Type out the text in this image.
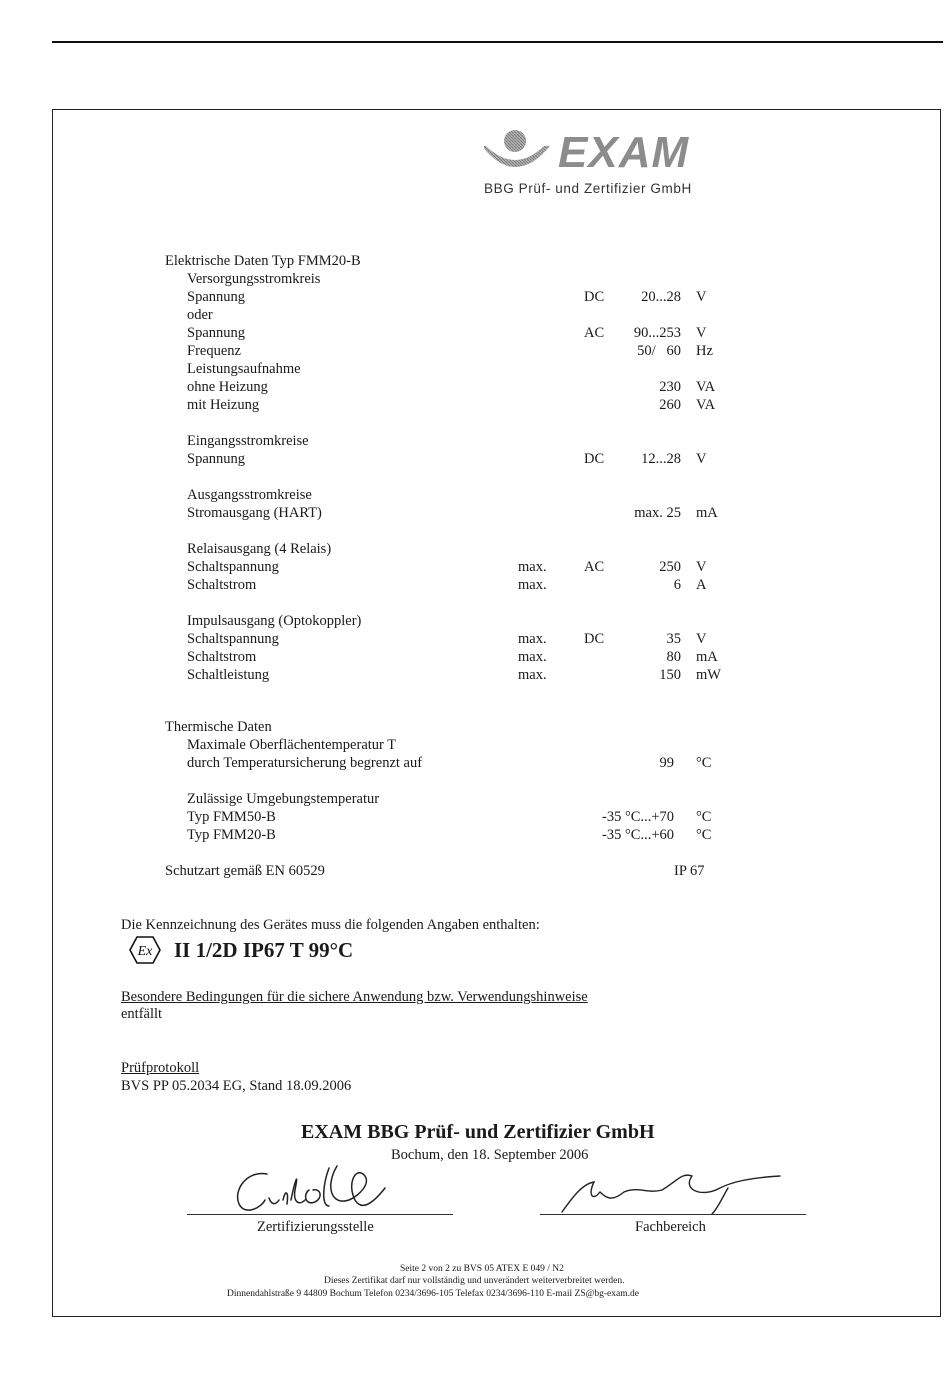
EXAM
BBG Prüf- und Zertifizier GmbH
Elektrische Daten Typ FMM20-B
Versorgungsstromkreis
Spannung	DC	20...28 V
oder
Spannung	AC 90...253 V
Frequenz	50/   60 Hz
Leistungsaufnahme
ohne Heizung	230 VA
mit Heizung	260 VA
Eingangsstromkreise
Spannung	DC	12...28 V
Ausgangsstromkreise
Stromausgang (HART)	max. 25 mA
Relaisausgang (4 Relais)
Schaltspannung	max.	AC	250 V
Schaltstrom	max.	6 A
Impulsausgang (Optokoppler)
Schaltspannung	max.	DC	35 V
Schaltstrom	max.	80 mA
Schaltleistung	max.	150 mW
Thermische Daten
Maximale Oberflächentemperatur T
durch Temperatursicherung begrenzt auf	99 °C
Zulässige Umgebungstemperatur
Typ FMM50-B	-35 °C...+70 °C
Typ FMM20-B	-35 °C...+60 °C
Schutzart gemäß EN 60529	IP 67
Die Kennzeichnung des Gerätes muss die folgenden Angaben enthalten:
Ex II 1/2D IP67 T 99°C
Besondere Bedingungen für die sichere Anwendung bzw. Verwendungshinweise
entfällt
Prüfprotokoll
BVS PP 05.2034 EG, Stand 18.09.2006
EXAM BBG Prüf- und Zertifizier GmbH
Bochum, den 18. September 2006
Zertifizierungsstelle	Fachbereich
Seite 2 von 2 zu BVS 05 ATEX E 049 / N2
Dieses Zertifikat darf nur vollständig und unverändert weiterverbreitet werden.
Dinnendahlstraße 9 44809 Bochum Telefon 0234/3696-105 Telefax 0234/3696-110 E-mail ZS@bg-exam.de
